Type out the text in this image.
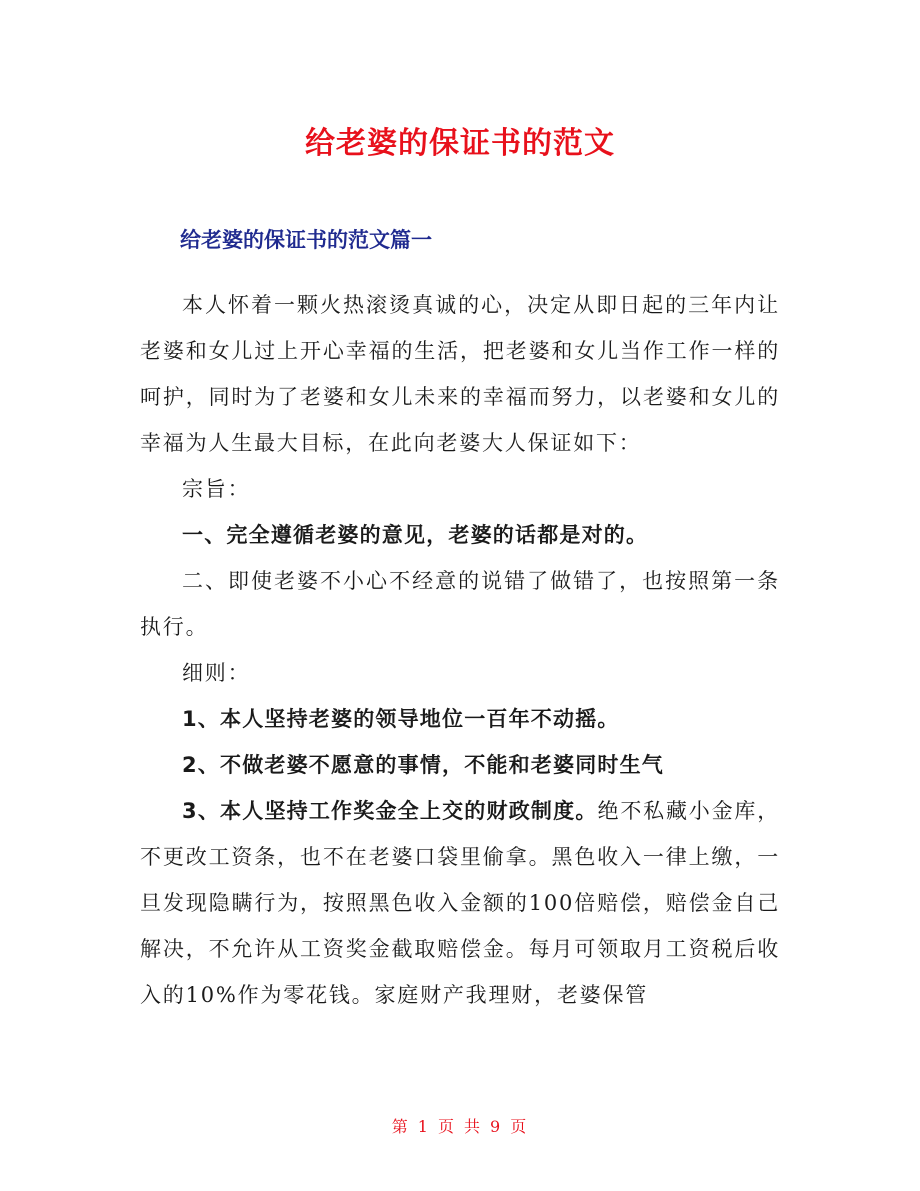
给老婆的保证书的范文
给老婆的保证书的范文篇一

本人怀着一颗火热滚烫真诚的心，决定从即日起的三年内让老婆和女儿过上开心幸福的生活，把老婆和女儿当作工作一样的呵护，同时为了老婆和女儿未来的幸福而努力，以老婆和女儿的幸福为人生最大目标，在此向老婆大人保证如下：

宗旨：

一、完全遵循老婆的意见，老婆的话都是对的。

二、即使老婆不小心不经意的说错了做错了，也按照第一条执行。

细则：

1、本人坚持老婆的领导地位一百年不动摇。

2、不做老婆不愿意的事情，不能和老婆同时生气

3、本人坚持工作奖金全上交的财政制度。绝不私藏小金库，不更改工资条，也不在老婆口袋里偷拿。黑色收入一律上缴，一旦发现隐瞒行为，按照黑色收入金额的100倍赔偿，赔偿金自己解决，不允许从工资奖金截取赔偿金。每月可领取月工资税后收入的10%作为零花钱。家庭财产我理财，老婆保管

第 1 页 共 9 页
